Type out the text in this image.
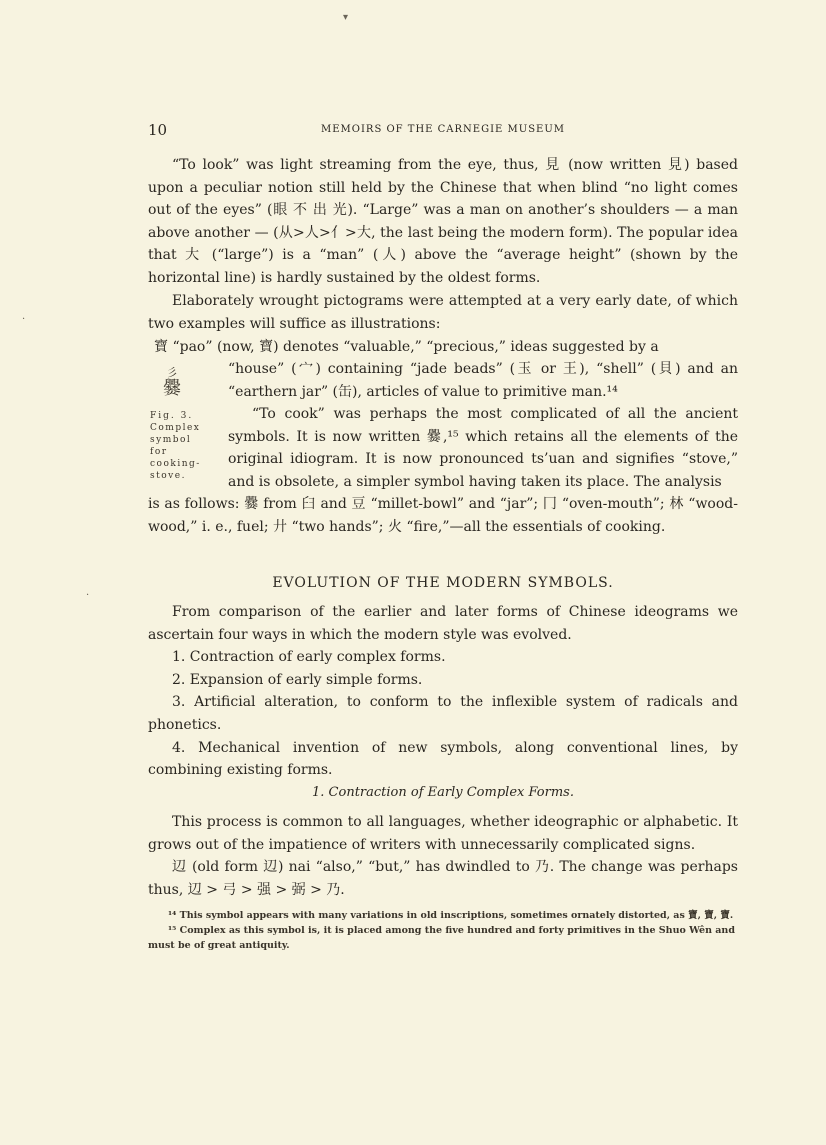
▾
10	MEMOIRS OF THE CARNEGIE MUSEUM

“To look” was light streaming from the eye, thus, ⾒ (now written 見) based upon a peculiar notion still held by the Chinese that when blind “no light comes out of the eyes” (眼 不 出 光). “Large” was a man on another’s shoulders — a man above another — (从>人>亻>大, the last being the modern form). The popular idea that 大 (“large”) is a “man” (人) above the “average height” (shown by the horizontal line) is hardly sustained by the oldest forms.

Elaborately wrought pictograms were attempted at a very early date, of which two examples will suffice as illustrations:

寶 “pao” (now, 寶) denotes “valuable,” “precious,” ideas suggested by a
彡
爨
Fig. 3.
Complex symbol for cooking-stove.

“house” (宀) containing “jade beads” (玉 or 王), “shell” (貝) and an “earthern jar” (缶), articles of value to primitive man.¹⁴

“To cook” was perhaps the most complicated of all the ancient symbols. It is now written 爨,¹⁵ which retains all the elements of the original idiogram. It is now pronounced ts’uan and signifies “stove,” and is obsolete, a simpler symbol having taken its place. The analysis

is as follows: 爨 from 臼 and 豆 “millet-bowl” and “jar”; 冂 “oven-mouth”; 林 “wood-wood,” i. e., fuel; 廾 “two hands”; 火 “fire,”—all the essentials of cooking.
EVOLUTION OF THE MODERN SYMBOLS.

From comparison of the earlier and later forms of Chinese ideograms we ascertain four ways in which the modern style was evolved.

1. Contraction of early complex forms.

2. Expansion of early simple forms.

3. Artificial alteration, to conform to the inflexible system of radicals and phonetics.

4. Mechanical invention of new symbols, along conventional lines, by combining existing forms.

1. Contraction of Early Complex Forms.

This process is common to all languages, whether ideographic or alphabetic. It grows out of the impatience of writers with unnecessarily complicated signs.

辺 (old form 辺) nai “also,” “but,” has dwindled to 乃. The change was perhaps thus, 辺 > 弓 > 强 > 弼 > 乃.

¹⁴ This symbol appears with many variations in old inscriptions, sometimes ornately distorted, as 寶, 寶, 寶.

¹⁵ Complex as this symbol is, it is placed among the five hundred and forty primitives in the Shuo Wên and must be of great antiquity.

·
·
